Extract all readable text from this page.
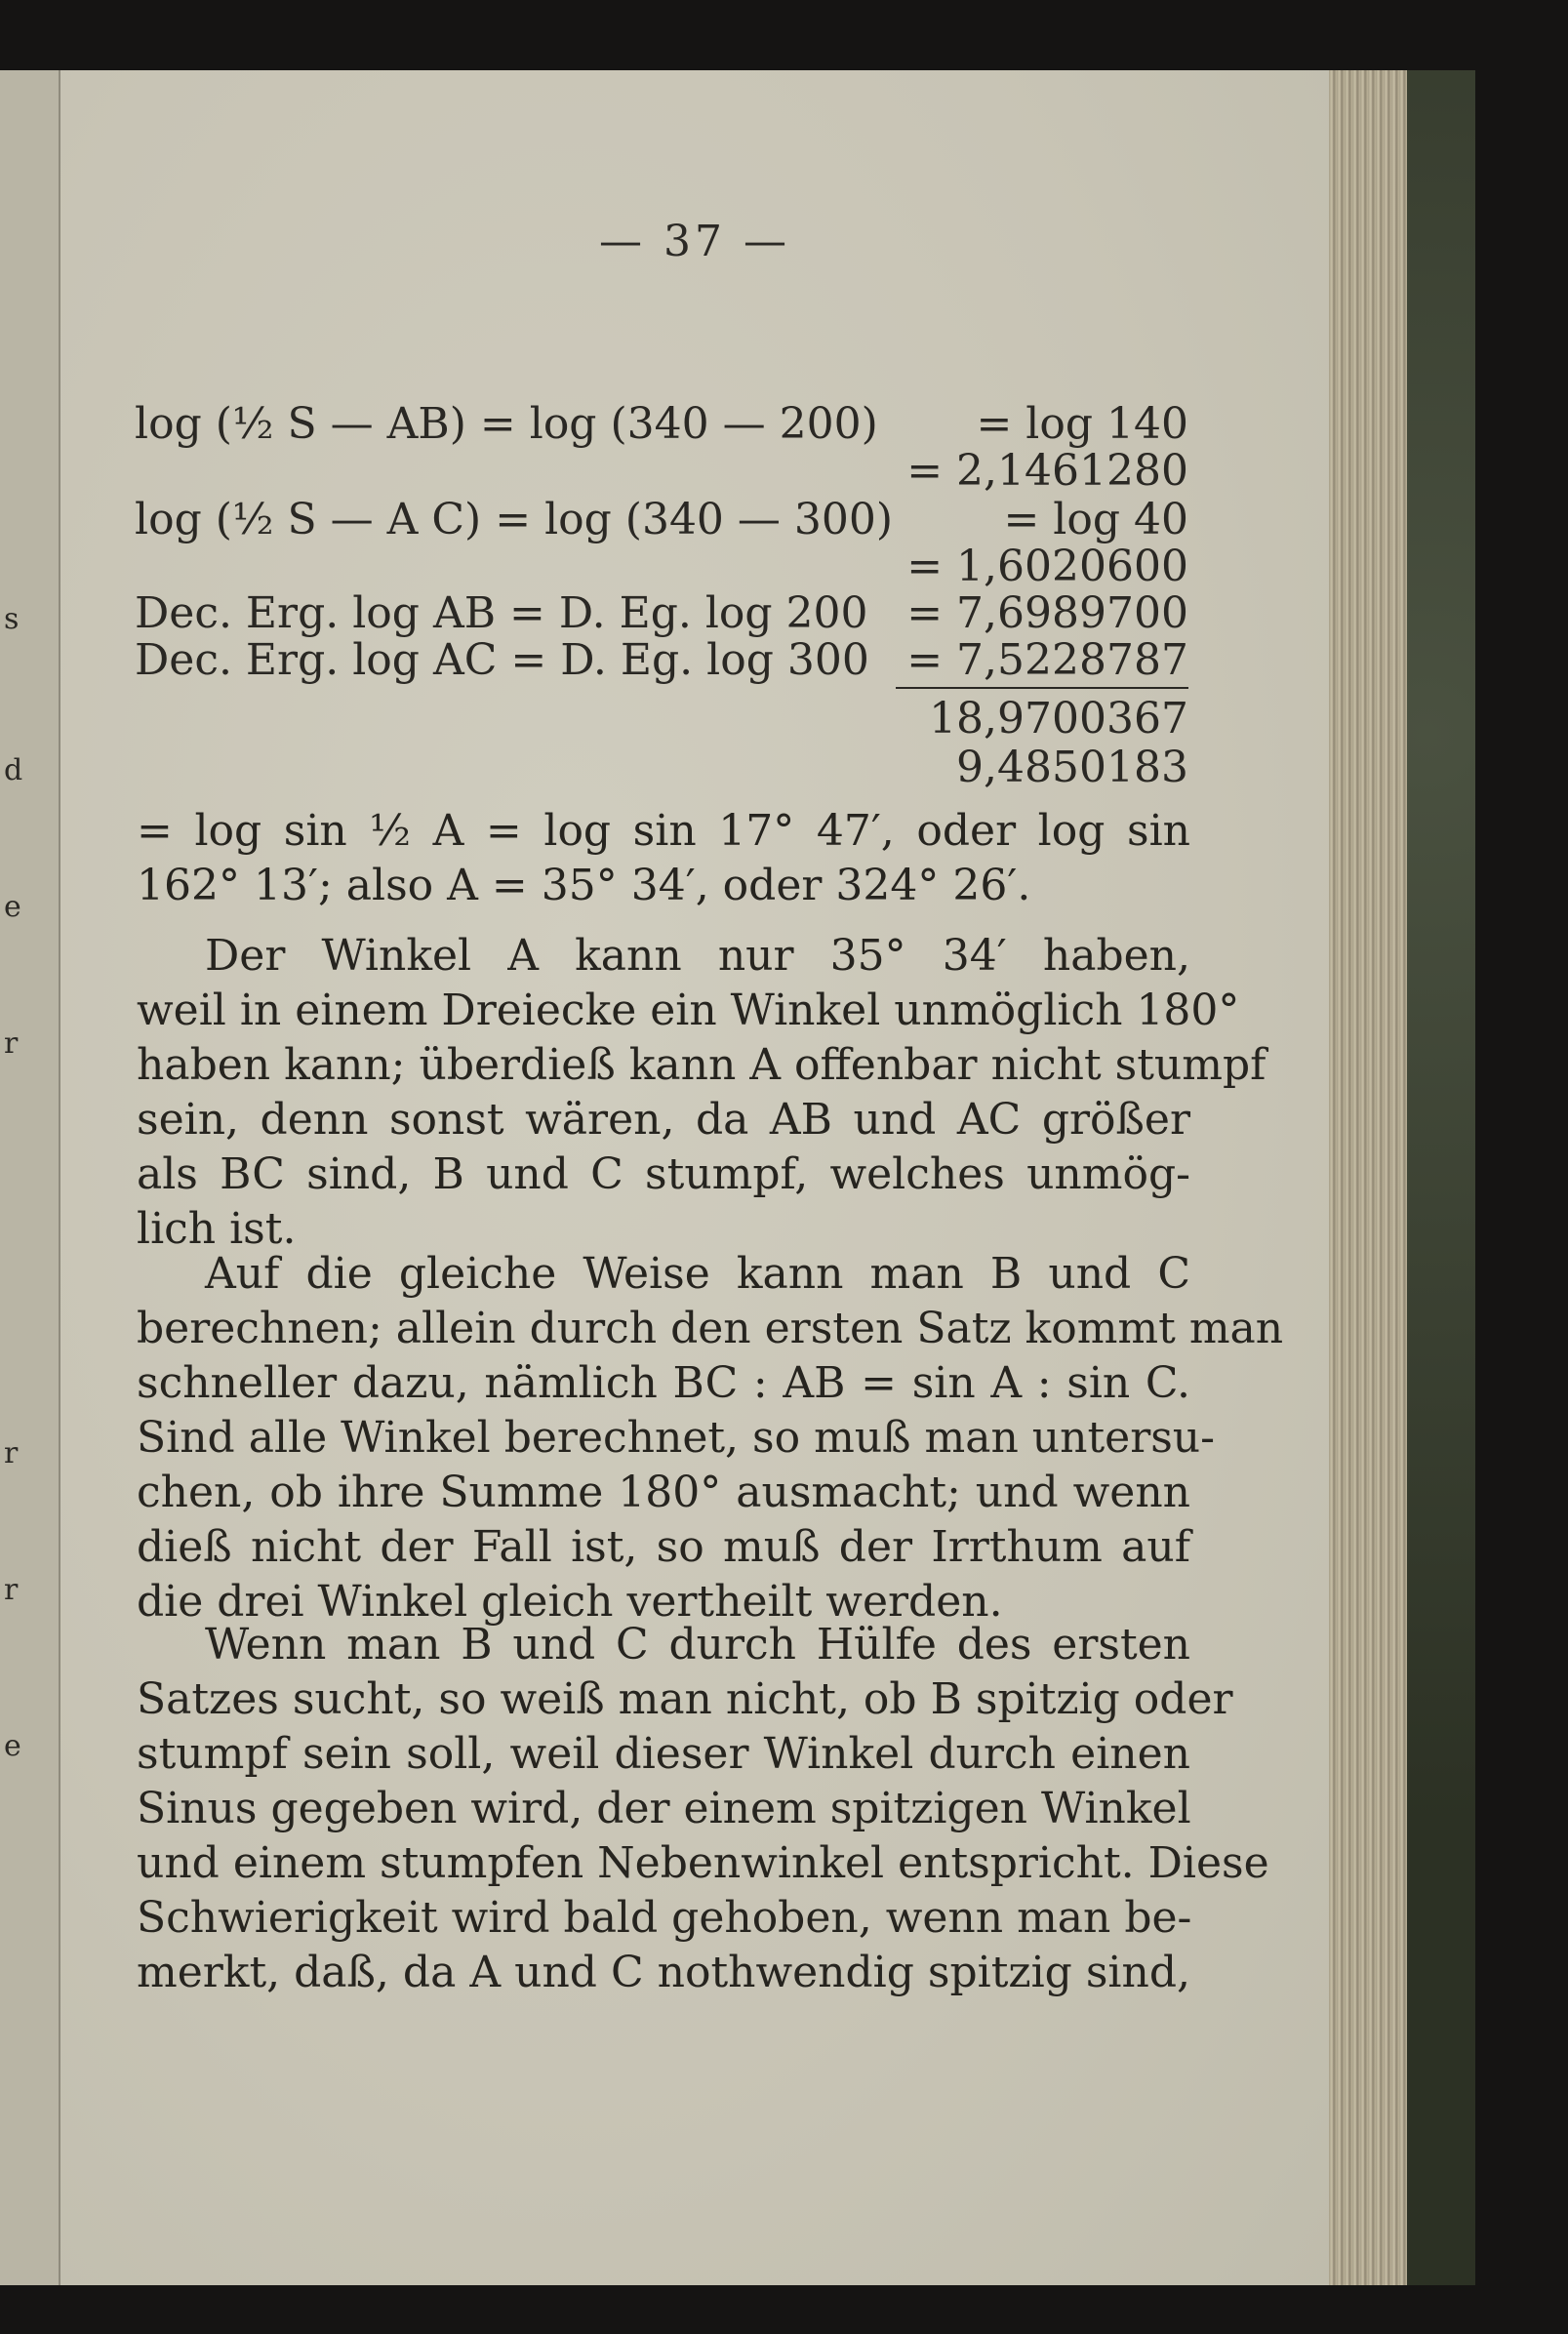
s
d
e
r
r
r
e
— 37 —
log (½ S — AB) = log (340 — 200) = log 140
= 2,1461280
log (½ S — A C) = log (340 — 300)	= log 40
= 1,6020600
Dec. Erg. log AB = D. Eg. log 200 = 7,6989700
Dec. Erg. log AC = D. Eg. log 300 = 7,5228787
18,9700367
9,4850183
= log sin ½ A = log sin 17° 47′, oder log sin
162° 13′; also A = 35° 34′, oder 324° 26′.
Der Winkel A kann nur 35° 34′ haben,
weil in einem Dreiecke ein Winkel unmöglich 180°
haben kann; überdieß kann A offenbar nicht stumpf
sein, denn sonst wären, da AB und AC größer
als BC sind, B und C stumpf, welches unmög-
lich ist.
Auf die gleiche Weise kann man B und C
berechnen; allein durch den ersten Satz kommt man
schneller dazu, nämlich BC : AB = sin A : sin C.
Sind alle Winkel berechnet, so muß man untersu-
chen, ob ihre Summe 180° ausmacht; und wenn
dieß nicht der Fall ist, so muß der Irrthum auf
die drei Winkel gleich vertheilt werden.
Wenn man B und C durch Hülfe des ersten
Satzes sucht, so weiß man nicht, ob B spitzig oder
stumpf sein soll, weil dieser Winkel durch einen
Sinus gegeben wird, der einem spitzigen Winkel
und einem stumpfen Nebenwinkel entspricht. Diese
Schwierigkeit wird bald gehoben, wenn man be-
merkt, daß, da A und C nothwendig spitzig sind,
